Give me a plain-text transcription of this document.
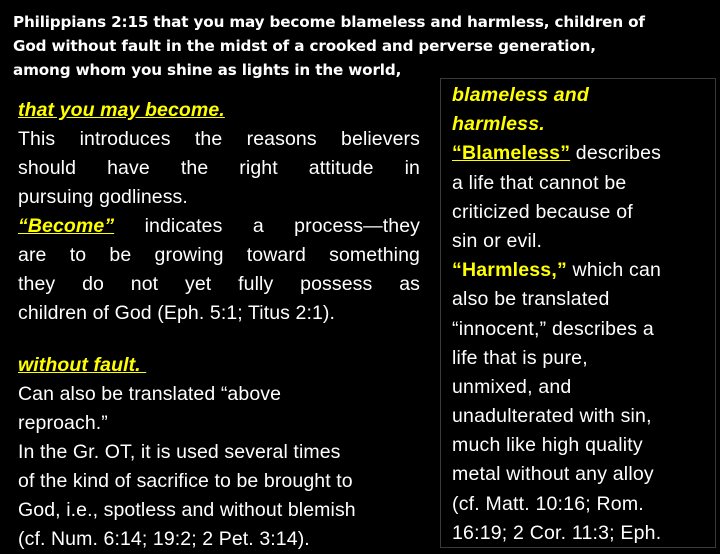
Philippians 2:15 that you may become blameless and harmless, children of
God without fault in the midst of a crooked and perverse generation,
among whom you shine as lights in the world,
that you may become.
This introduces the reasons believers
should have the right attitude in
pursuing godliness.
“Become” indicates a process—they
are to be growing toward something
they do not yet fully possess as
children of God (Eph. 5:1; Titus 2:1).
without fault.
Can also be translated “above
reproach.”
In the Gr. OT, it is used several times
of the kind of sacrifice to be brought to
God, i.e., spotless and without blemish
(cf. Num. 6:14; 19:2; 2 Pet. 3:14).
blameless and
harmless.
“Blameless” describes
a life that cannot be
criticized because of
sin or evil.
“Harmless,” which can
also be translated
“innocent,” describes a
life that is pure,
unmixed, and
unadulterated with sin,
much like high quality
metal without any alloy
(cf. Matt. 10:16; Rom.
16:19; 2 Cor. 11:3; Eph.
